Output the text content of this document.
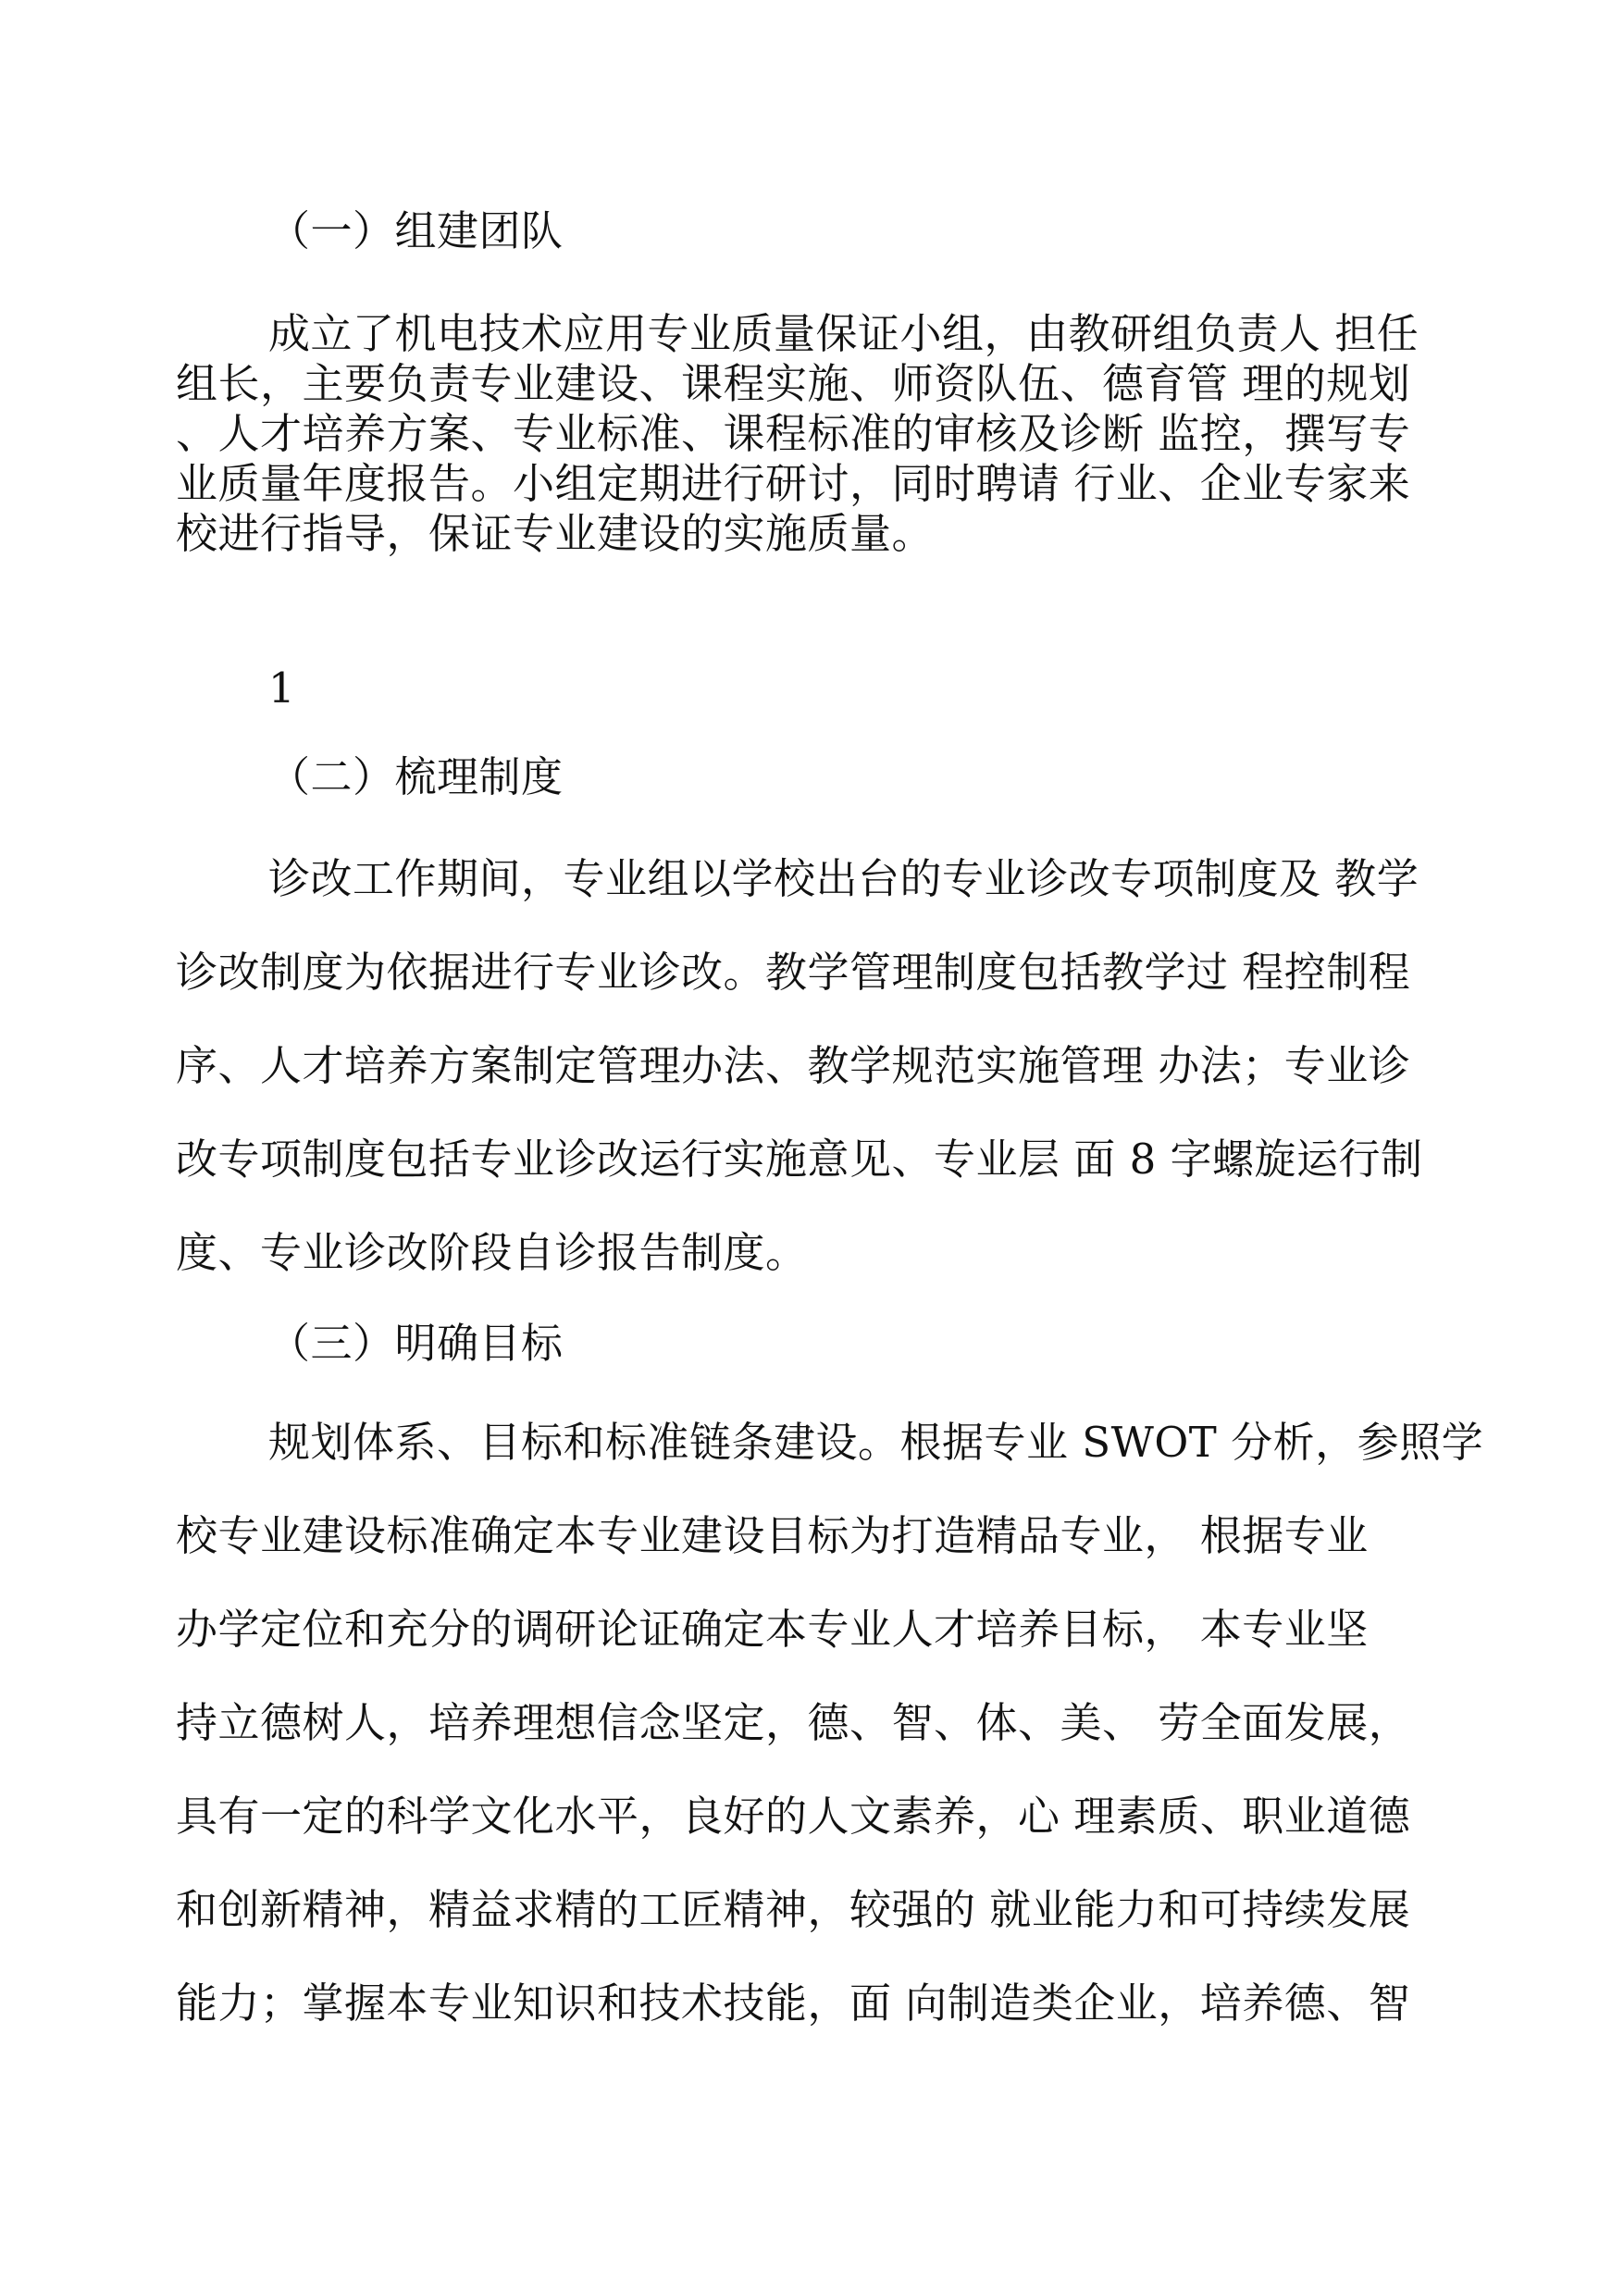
（一）组建团队
成立了机电技术应用专业质量保证小组，由教研组负责人 担任
组长，主要负责专业建设、课程实施、师资队伍、德育管 理的规划
、人才培养方案、专业标准、课程标准的审核及诊断 监控，撰写专
业质量年度报告。小组定期进行研讨，同时聘请 行业、企业专家来
校进行指导，保证专业建设的实施质量。
1
（二）梳理制度
诊改工作期间，专业组以学校出台的专业诊改专项制度及 教学
诊改制度为依据进行专业诊改。教学管理制度包括教学过 程控制程
序、人才培养方案制定管理办法、教学规范实施管理 办法；专业诊
改专项制度包括专业诊改运行实施意见、专业层 面 8 字螺旋运行制
度、专业诊改阶段自诊报告制度。
（三）明确目标
规划体系、目标和标准链条建设。根据专业 SWOT 分析，参照学
校专业建设标准确定本专业建设目标为打造精品专业， 根据专业
办学定位和充分的调研论证确定本专业人才培养目标， 本专业坚
持立德树人，培养理想信念坚定，德、智、体、美、 劳全面发展，
具有一定的科学文化水平，良好的人文素养，心 理素质、职业道德
和创新精神，精益求精的工匠精神，较强的 就业能力和可持续发展
能力；掌握本专业知识和技术技能，面 向制造类企业，培养德、智
